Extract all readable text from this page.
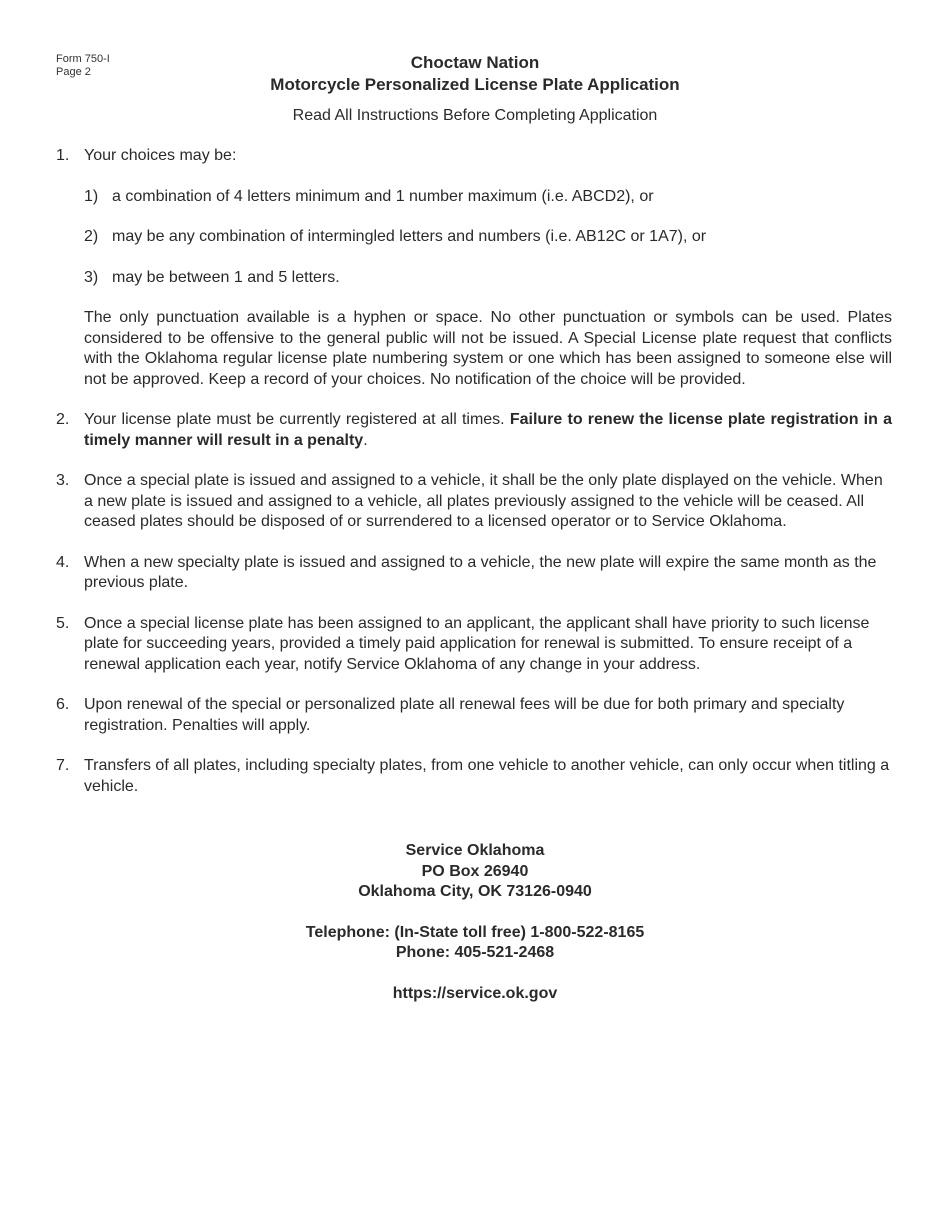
Form 750-I
Page 2	Choctaw Nation
Motorcycle Personalized License Plate Application
Read All Instructions Before Completing Application
1. Your choices may be:
1) a combination of 4 letters minimum and 1 number maximum (i.e. ABCD2), or
2) may be any combination of intermingled letters and numbers (i.e. AB12C or 1A7), or
3) may be between 1 and 5 letters.
The only punctuation available is a hyphen or space. No other punctuation or symbols can be used. Plates considered to be offensive to the general public will not be issued. A Special License plate request that conflicts with the Oklahoma regular license plate numbering system or one which has been assigned to someone else will not be approved. Keep a record of your choices. No notification of the choice will be provided.
2. Your license plate must be currently registered at all times. Failure to renew the license plate registration in a timely manner will result in a penalty.
3. Once a special plate is issued and assigned to a vehicle, it shall be the only plate displayed on the vehicle. When a new plate is issued and assigned to a vehicle, all plates previously assigned to the vehicle will be ceased. All ceased plates should be disposed of or surrendered to a licensed operator or to Service Oklahoma.
4. When a new specialty plate is issued and assigned to a vehicle, the new plate will expire the same month as the previous plate.
5. Once a special license plate has been assigned to an applicant, the applicant shall have priority to such license plate for succeeding years, provided a timely paid application for renewal is submitted. To ensure receipt of a renewal application each year, notify Service Oklahoma of any change in your address.
6. Upon renewal of the special or personalized plate all renewal fees will be due for both primary and specialty registration. Penalties will apply.
7. Transfers of all plates, including specialty plates, from one vehicle to another vehicle, can only occur when titling a vehicle.
Service Oklahoma
PO Box 26940
Oklahoma City, OK 73126-0940
Telephone: (In-State toll free) 1-800-522-8165
Phone: 405-521-2468
https://service.ok.gov
